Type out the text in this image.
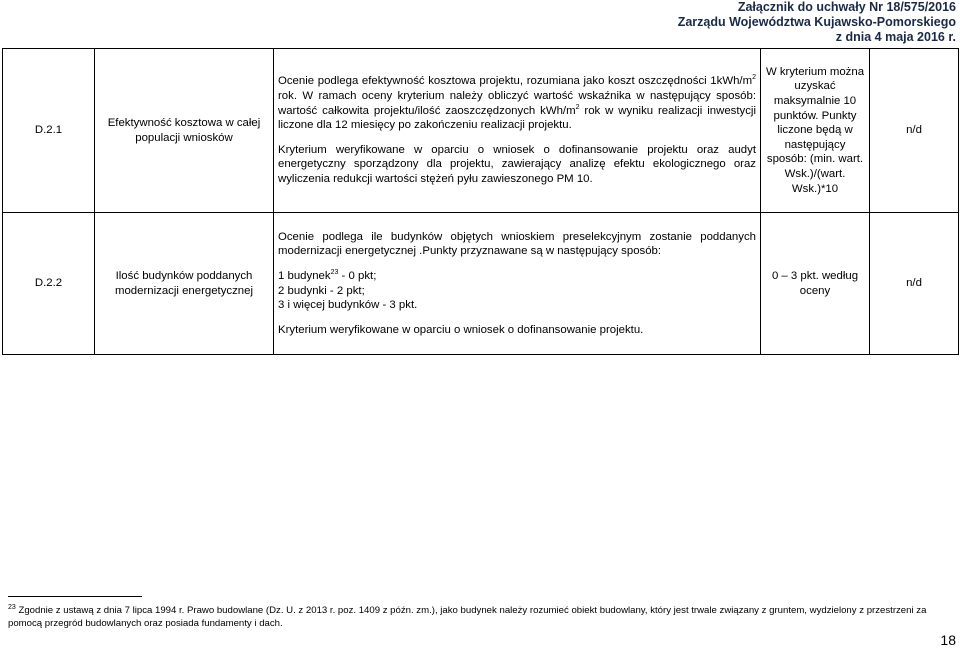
Załącznik do uchwały Nr 18/575/2016
Zarządu Województwa Kujawsko-Pomorskiego
z dnia 4 maja 2016 r.
D.2.1	Efektywność kosztowa w całej populacji wniosków	Ocenie podlega efektywność kosztowa projektu, rozumiana jako koszt oszczędności $1kWh/m^2$ rok. W ramach oceny kryterium należy obliczyć wartość wskaźnika w następujący sposób: wartość całkowita projektu/ilość zaoszczędzonych kWh/$m^2$ rok w wyniku realizacji inwestycji liczone dla 12 miesięcy po zakończeniu realizacji projektu.

Kryterium weryfikowane w oparciu o wniosek o dofinansowanie projektu oraz audyt energetyczny sporządzony dla projektu, zawierający analizę efektu ekologicznego oraz wyliczenia redukcji wartości stężeń pyłu zawieszonego PM 10.	W kryterium można uzyskać maksymalnie 10 punktów. Punkty liczone będą w następujący sposób: (min. wart. Wsk.)/(wart. Wsk.)*10	n/d
D.2.2	Ilość budynków poddanych modernizacji energetycznej	Ocenie podlega ile budynków objętych wnioskiem preselekcyjnym zostanie poddanych modernizacji energetycznej .Punkty przyznawane są w następujący sposób:

1 budynek$^{23}$ - 0 pkt;
2 budynki - 2 pkt;
3 i więcej budynków - 3 pkt.

Kryterium weryfikowane w oparciu o wniosek o dofinansowanie projektu.	0 – 3 pkt. według oceny	n/d
$^{23}$ Zgodnie z ustawą z dnia 7 lipca 1994 r. Prawo budowlane (Dz. U. z 2013 r. poz. 1409 z późn. zm.), jako budynek należy rozumieć obiekt budowlany, który jest trwale związany z gruntem, wydzielony z przestrzeni za pomocą przegród budowlanych oraz posiada fundamenty i dach.
18
